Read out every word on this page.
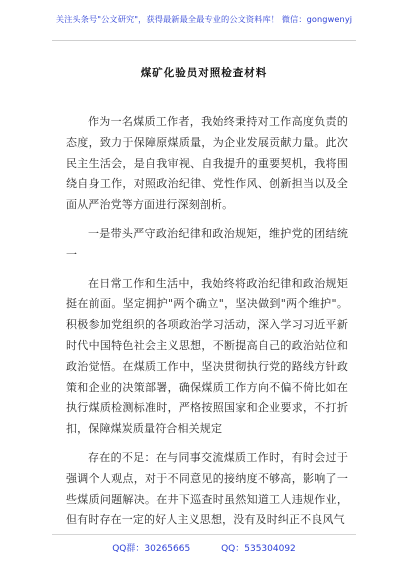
关注头条号"公文研究"，获得最新最全最专业的公文资料库！ 微信：gongwenyj
煤矿化验员对照检查材料

作为一名煤质工作者，我始终秉持对工作高度负责的态度，致力于保障原煤质量，为企业发展贡献力量。此次民主生活会，是自我审视、自我提升的重要契机，我将围绕自身工作，对照政治纪律、党性作风、创新担当以及全面从严治党等方面进行深刻剖析。

一是带头严守政治纪律和政治规矩，维护党的团结统一

在日常工作和生活中，我始终将政治纪律和政治规矩挺在前面。坚定拥护"两个确立"，坚决做到"两个维护"。积极参加党组织的各项政治学习活动，深入学习习近平新时代中国特色社会主义思想，不断提高自己的政治站位和政治觉悟。在煤质工作中，坚决贯彻执行党的路线方针政策和企业的决策部署，确保煤质工作方向不偏不倚比如在执行煤质检测标准时，严格按照国家和企业要求，不打折扣，保障煤炭质量符合相关规定

存在的不足：在与同事交流煤质工作时，有时会过于强调个人观点，对于不同意见的接纳度不够高，影响了一些煤质问题解决。在井下巡查时虽然知道工人违规作业，但有时存在一定的好人主义思想，没有及时纠正不良风气

QQ群：30265665	QQ：535304092
